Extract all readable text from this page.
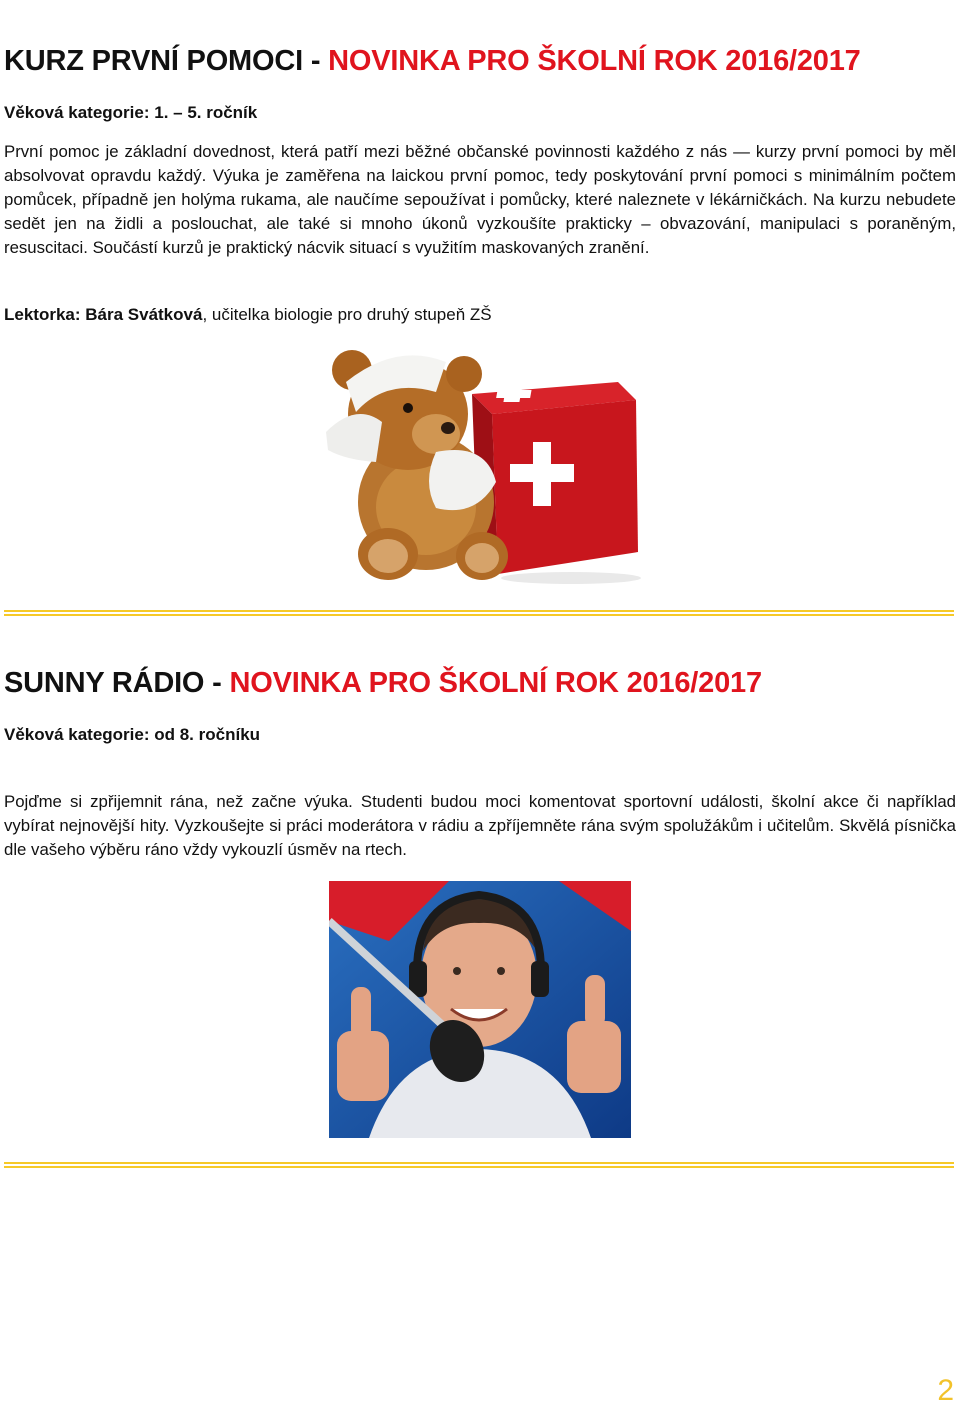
KURZ PRVNÍ POMOCI - NOVINKA PRO ŠKOLNÍ ROK 2016/2017
Věková kategorie: 1. – 5. ročník

První pomoc je základní dovednost, která patří mezi běžné občanské povinnosti každého z nás — kurzy první pomoci by měl absolvovat opravdu každý. Výuka je zaměřena na laickou první pomoc, tedy poskytování první pomoci s minimálním počtem pomůcek, případně jen holýma rukama, ale naučíme sepoužívat i pomůcky, které naleznete v lékárničkách. Na kurzu nebudete sedět jen na židli a poslouchat, ale také si mnoho úkonů vyzkoušíte prakticky – obvazování, manipulaci s poraněným, resuscitaci. Součástí kurzů je praktický nácvik situací s využitím maskovaných zranění.

Lektorka: Bára Svátková, učitelka biologie pro druhý stupeň ZŠ
SUNNY RÁDIO - NOVINKA PRO ŠKOLNÍ ROK 2016/2017
Věková kategorie: od 8. ročníku

Pojďme si zpřijemnit rána, než začne výuka. Studenti budou moci komentovat sportovní události, školní akce či například vybírat nejnovější hity. Vyzkoušejte si práci moderátora v rádiu a zpříjemněte rána svým spolužákům i učitelům. Skvělá písnička dle vašeho výběru ráno vždy vykouzlí úsměv na rtech.

2
